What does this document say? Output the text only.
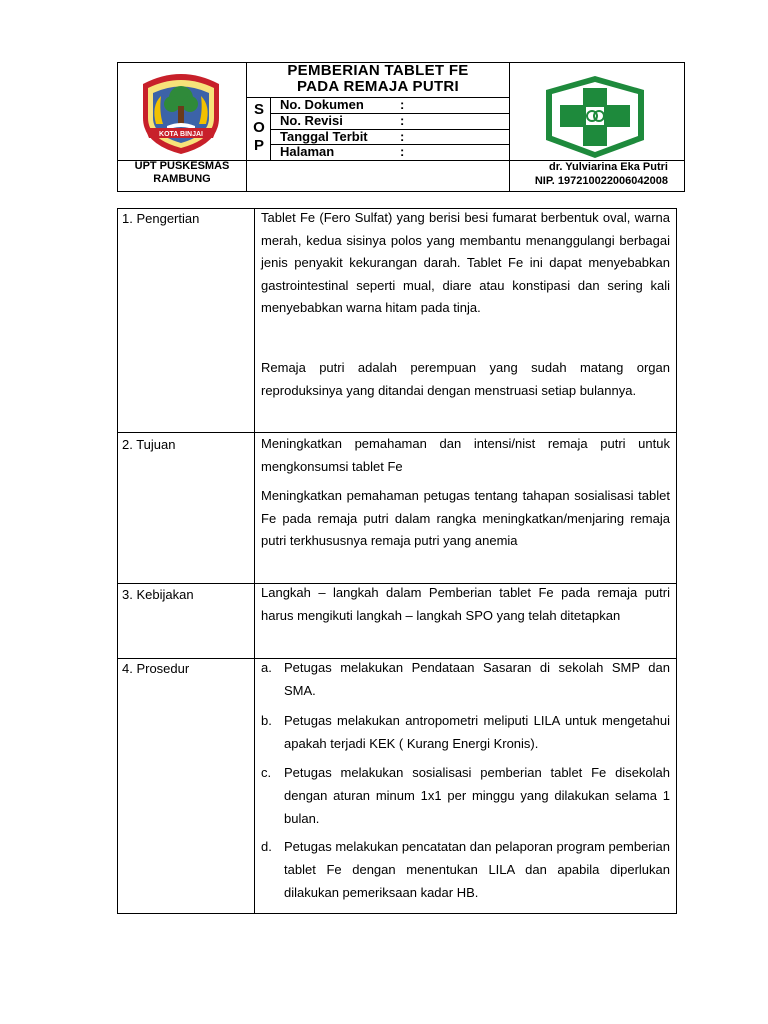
KOTA BINJAI
PEMBERIAN TABLET FE
PADA REMAJA PUTRI
S
O
P
No. Dokumen	:
No. Revisi	:
Tanggal Terbit :
Halaman	:
UPT PUSKESMAS
RAMBUNG
dr. Yulviarina Eka Putri
NIP. 197210022006042008
1. Pengertian	Tablet Fe (Fero Sulfat) yang berisi besi fumarat berbentuk oval, warna merah, kedua sisinya polos yang membantu menanggulangi berbagai jenis penyakit kekurangan darah. Tablet Fe ini dapat menyebabkan gastrointestinal seperti mual, diare atau konstipasi dan sering kali menyebabkan warna hitam pada tinja.
Remaja putri adalah perempuan yang sudah matang organ reproduksinya yang ditandai dengan menstruasi setiap bulannya.
2. Tujuan	Meningkatkan pemahaman dan intensi/nist remaja putri untuk mengkonsumsi tablet Fe
Meningkatkan pemahaman petugas tentang tahapan sosialisasi tablet Fe pada remaja putri dalam rangka meningkatkan/menjaring remaja putri terkhususnya remaja putri yang anemia
3. Kebijakan	Langkah – langkah dalam Pemberian tablet Fe pada remaja putri harus mengikuti langkah – langkah SPO yang telah ditetapkan
4. Prosedur	a. Petugas melakukan Pendataan Sasaran di sekolah SMP dan SMA.
b. Petugas melakukan antropometri meliputi LILA untuk mengetahui apakah terjadi KEK ( Kurang Energi Kronis).
c. Petugas melakukan sosialisasi pemberian tablet Fe disekolah dengan aturan minum 1x1 per minggu yang dilakukan selama 1 bulan.
d. Petugas melakukan pencatatan dan pelaporan program pemberian tablet Fe dengan menentukan LILA dan apabila diperlukan dilakukan pemeriksaan kadar HB.
